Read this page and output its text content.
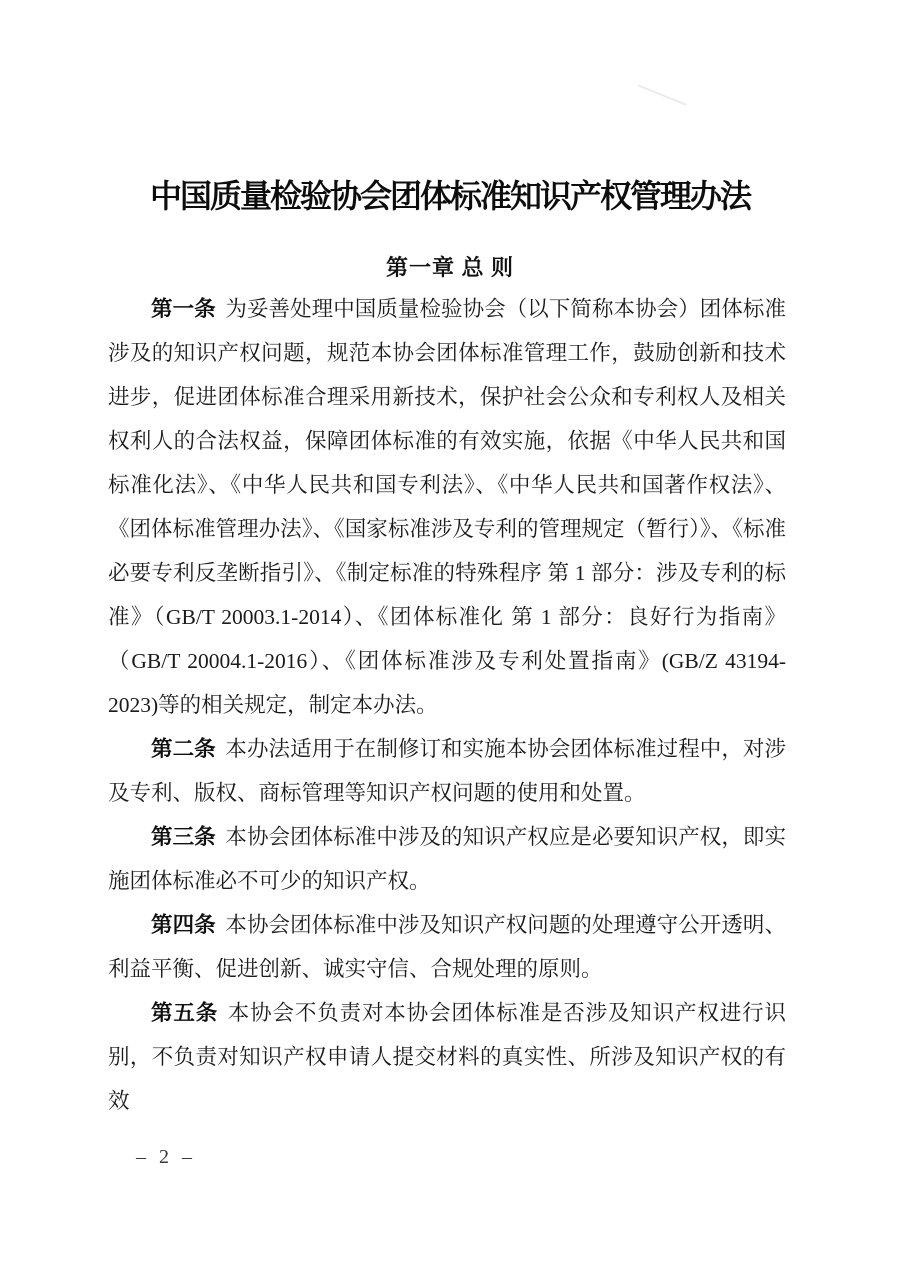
中国质量检验协会团体标准知识产权管理办法
第一章 总 则

第一条 为妥善处理中国质量检验协会（以下简称本协会）团体标准涉及的知识产权问题，规范本协会团体标准管理工作，鼓励创新和技术进步，促进团体标准合理采用新技术，保护社会公众和专利权人及相关权利人的合法权益，保障团体标准的有效实施，依据《中华人民共和国标准化法》、《中华人民共和国专利法》、《中华人民共和国著作权法》、《团体标准管理办法》、《国家标准涉及专利的管理规定（暂行）》、《标准必要专利反垄断指引》、《制定标准的特殊程序 第 1 部分：涉及专利的标准》（GB/T 20003.1-2014）、《团体标准化 第 1 部分：良好行为指南》（GB/T 20004.1-2016）、《团体标准涉及专利处置指南》(GB/Z 43194-2023)等的相关规定，制定本办法。

第二条 本办法适用于在制修订和实施本协会团体标准过程中，对涉及专利、版权、商标管理等知识产权问题的使用和处置。

第三条 本协会团体标准中涉及的知识产权应是必要知识产权，即实施团体标准必不可少的知识产权。

第四条 本协会团体标准中涉及知识产权问题的处理遵守公开透明、利益平衡、促进创新、诚实守信、合规处理的原则。

第五条 本协会不负责对本协会团体标准是否涉及知识产权进行识别，不负责对知识产权申请人提交材料的真实性、所涉及知识产权的有效

– 2 –
